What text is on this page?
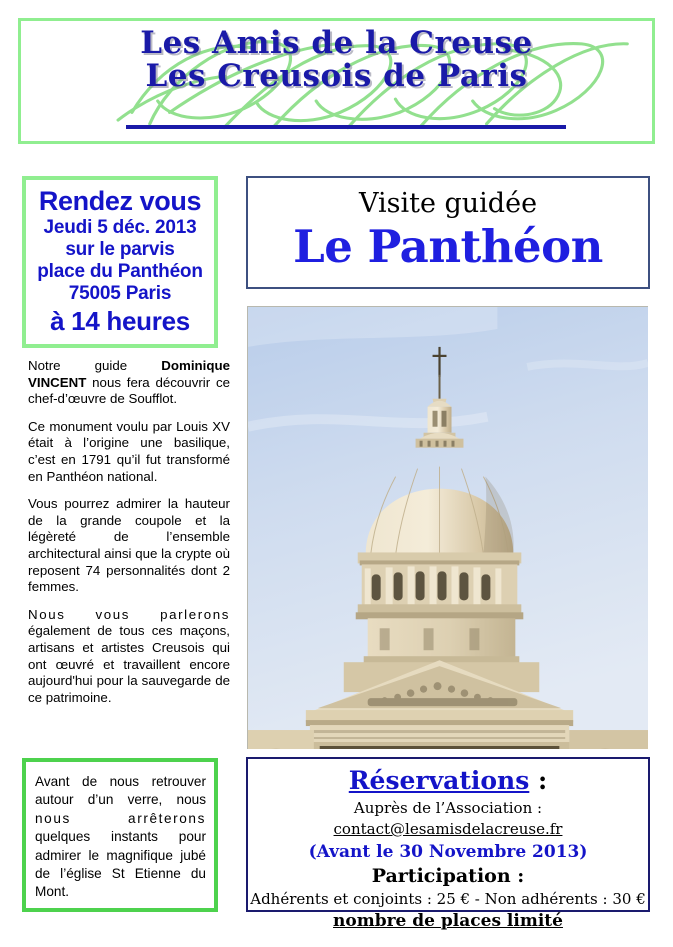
Les Amis de la Creuse
Les Creusois de Paris
Rendez vous
Jeudi 5 déc. 2013
sur le parvis
place du Panthéon
75005 Paris
à 14 heures

Notre guide Dominique VINCENT nous fera découvrir ce chef-d’œuvre de Soufflot.

Ce monument voulu par Louis XV était à l’origine une basilique, c’est en 1791 qu’il fut transformé en Panthéon national.

Vous pourrez admirer la hauteur de la grande coupole et la légèreté de l’ensemble architectural ainsi que la crypte où reposent 74 personnalités dont 2 femmes.

Nous vous parlerons également de tous ces maçons, artisans et artistes Creusois qui ont œuvré et travaillent encore aujourd'hui pour la sauvegarde de ce patrimoine.

Avant de nous retrouver autour d’un verre, nous nous arrêterons quelques instants pour admirer le magnifique jubé de l’église St Etienne du Mont.

Visite guidée
Le Panthéon
Réservations :
Auprès de l’Association : contact@lesamisdelacreuse.fr
(Avant le 30 Novembre 2013)
Participation :
Adhérents et conjoints : 25 € - Non adhérents : 30 €
nombre de places limité
